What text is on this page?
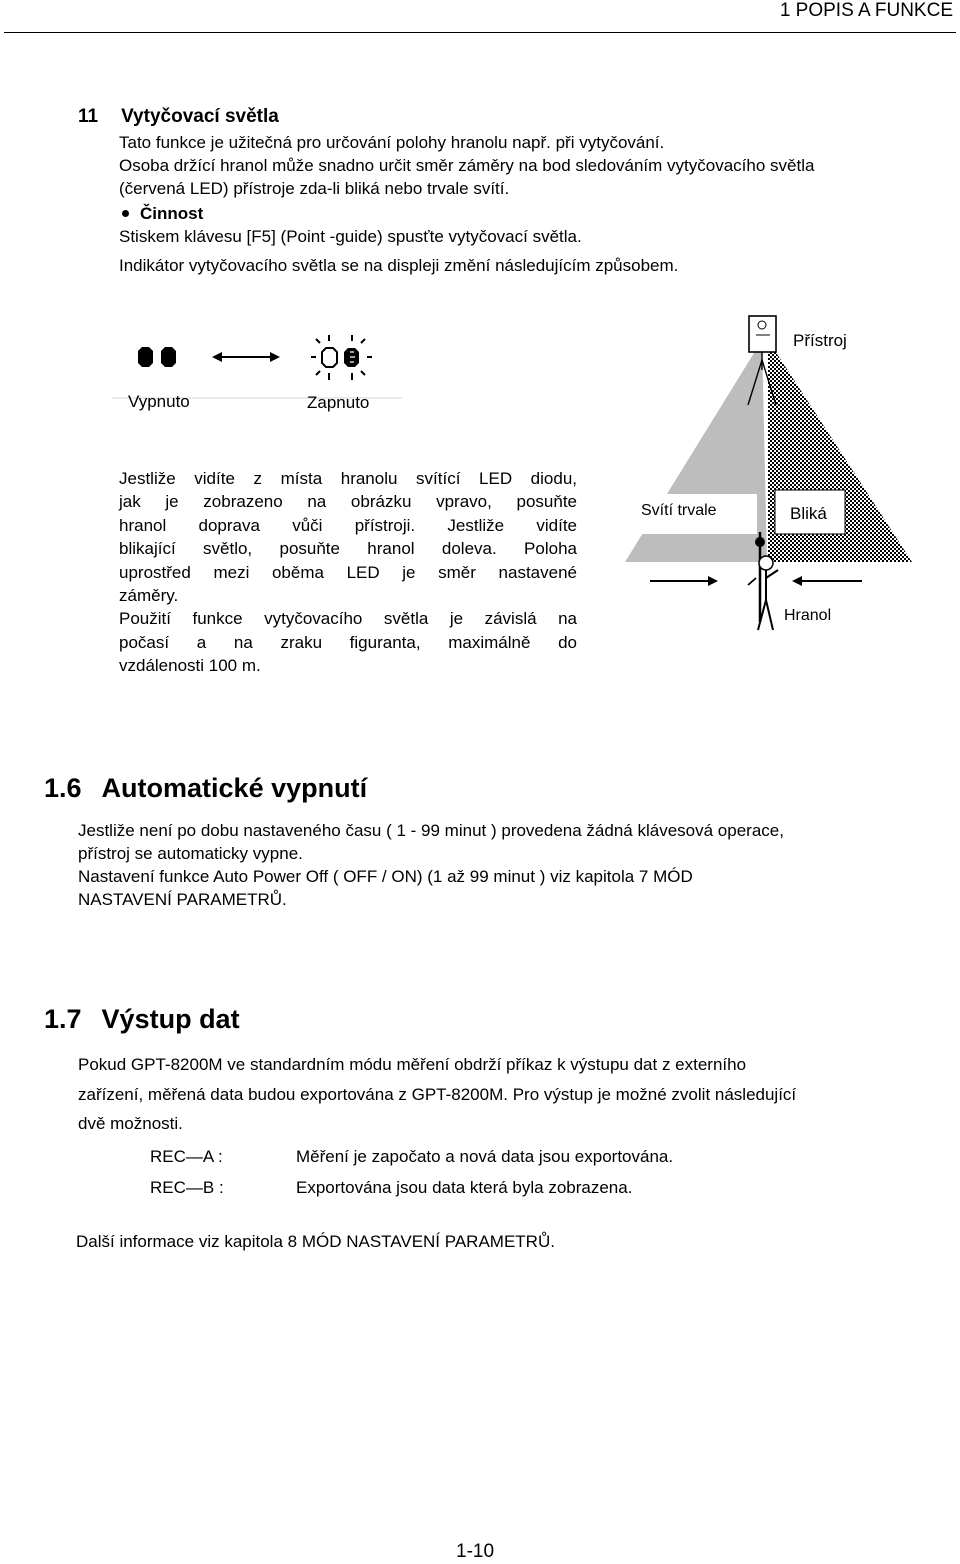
1 POPIS A FUNKCE
11 Vytyčovací světla
Tato funkce je užitečná pro určování polohy hranolu např. při vytyčování.
Osoba držící hranol může snadno určit směr záměry na bod sledováním vytyčovacího světla
(červená LED) přístroje zda-li bliká nebo trvale svítí.
Činnost
Stiskem klávesu [F5] (Point -guide) spusťte vytyčovací světla.
Indikátor vytyčovacího světla se na displeji změní následujícím způsobem.
Vypnuto	Zapnuto
Jestliže vidíte z místa hranolu svítící LED diodu,
jak je zobrazeno na obrázku vpravo, posuňte
hranol doprava vůči přístroji. Jestliže vidíte
blikající světlo, posuňte hranol doleva. Poloha
uprostřed mezi oběma LED je směr nastavené
záměry.
Použití funkce vytyčovacího světla je závislá na
počasí a na zraku figuranta, maximálně do
vzdálenosti 100 m.
Přístroj
Svítí trvale	Bliká
Hranol
1.6 Automatické vypnutí
Jestliže není po dobu nastaveného času ( 1 - 99 minut ) provedena žádná klávesová operace,
přístroj se automaticky vypne.
Nastavení funkce Auto Power Off ( OFF / ON) (1 až 99 minut ) viz kapitola 7 MÓD
NASTAVENÍ PARAMETRŮ.
1.7 Výstup dat
Pokud GPT-8200M ve standardním módu měření obdrží příkaz k výstupu dat z externího
zařízení, měřená data budou exportována z GPT-8200M. Pro výstup je možné zvolit následující
dvě možnosti.
REC—A :	Měření je započato a nová data jsou exportována.
REC—B :	Exportována jsou data která byla zobrazena.
Další informace viz kapitola 8 MÓD NASTAVENÍ PARAMETRŮ.
1-10
